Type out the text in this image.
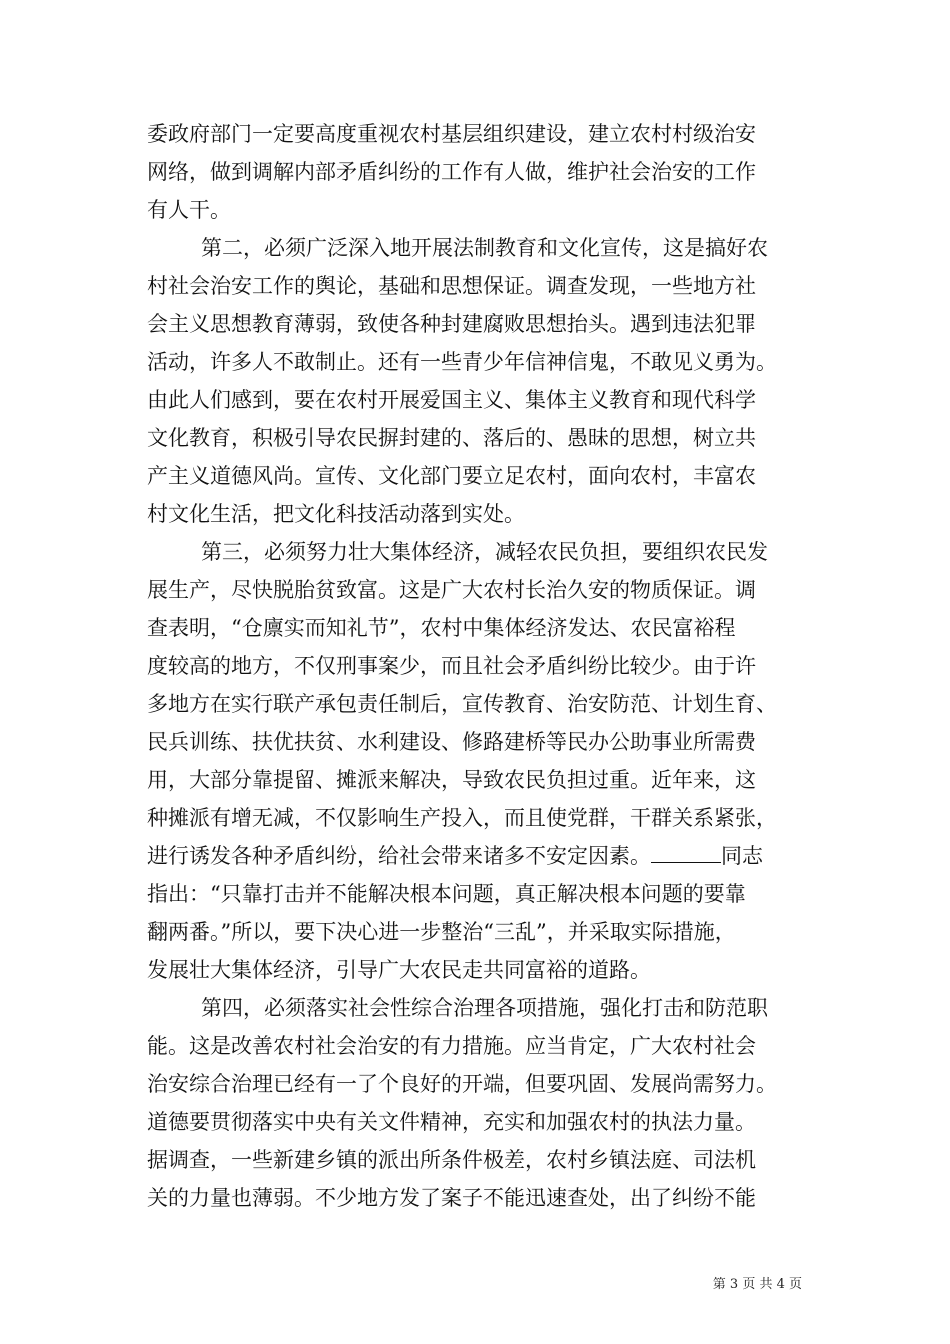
委政府部门一定要高度重视农村基层组织建设，建立农村村级治安
网络，做到调解内部矛盾纠纷的工作有人做，维护社会治安的工作
有人干。
第二，必须广泛深入地开展法制教育和文化宣传，这是搞好农
村社会治安工作的舆论，基础和思想保证。调查发现，一些地方社
会主义思想教育薄弱，致使各种封建腐败思想抬头。遇到违法犯罪
活动，许多人不敢制止。还有一些青少年信神信鬼，不敢见义勇为。
由此人们感到，要在农村开展爱国主义、集体主义教育和现代科学
文化教育，积极引导农民摒封建的、落后的、愚昧的思想，树立共
产主义道德风尚。宣传、文化部门要立足农村，面向农村，丰富农
村文化生活，把文化科技活动落到实处。
第三，必须努力壮大集体经济，减轻农民负担，要组织农民发
展生产，尽快脱胎贫致富。这是广大农村长治久安的物质保证。调
查表明，“仓廪实而知礼节”，农村中集体经济发达、农民富裕程
度较高的地方，不仅刑事案少，而且社会矛盾纠纷比较少。由于许
多地方在实行联产承包责任制后，宣传教育、治安防范、计划生育、
民兵训练、扶优扶贫、水利建设、修路建桥等民办公助事业所需费
用，大部分靠提留、摊派来解决，导致农民负担过重。近年来，这
种摊派有增无减，不仅影响生产投入，而且使党群，干群关系紧张，
进行诱发各种矛盾纠纷，给社会带来诸多不安定因素。	同志
指出：“只靠打击并不能解决根本问题，真正解决根本问题的要靠
翻两番。”所以，要下决心进一步整治“三乱”，并采取实际措施，
发展壮大集体经济，引导广大农民走共同富裕的道路。
第四，必须落实社会性综合治理各项措施，强化打击和防范职
能。这是改善农村社会治安的有力措施。应当肯定，广大农村社会
治安综合治理已经有一了个良好的开端，但要巩固、发展尚需努力。
道德要贯彻落实中央有关文件精神，充实和加强农村的执法力量。
据调查，一些新建乡镇的派出所条件极差，农村乡镇法庭、司法机
关的力量也薄弱。不少地方发了案子不能迅速查处，出了纠纷不能
第 3 页 共 4 页
